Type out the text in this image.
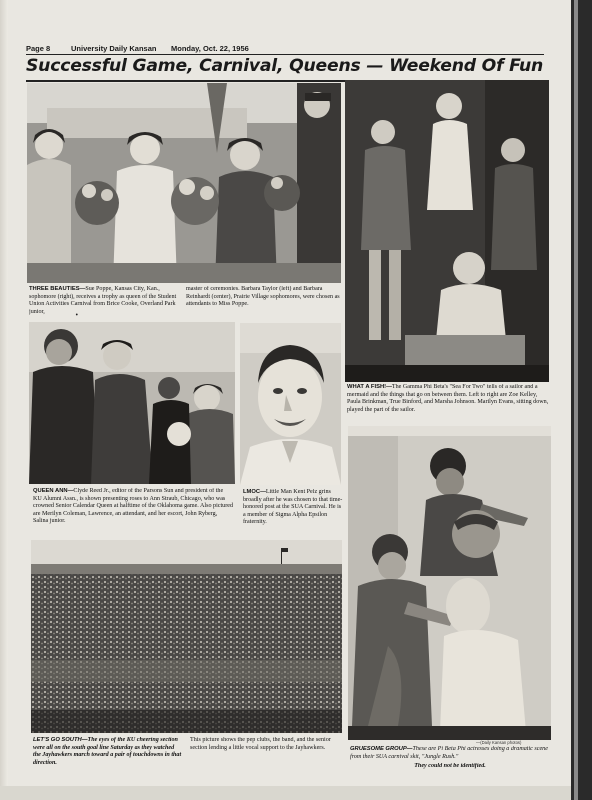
Page 8	University Daily Kansan Monday, Oct. 22, 1956
Successful Game, Carnival, Queens — Weekend Of Fun
THREE BEAUTIES—Sue Poppe, Kansas City, Kan., sophomore (right), receives a trophy as queen of the Student Union Activities Carnival from Brice Cooke, Overland Park junior,
master of ceremonies. Barbara Taylor (left) and Barbara Reinhardt (center), Prairie Village sophomores, were chosen as attendants to Miss Poppe.
•
WHAT A FISH!—The Gamma Phi Beta's "Sea For Two" tells of a sailor and a mermaid and the things that go on between them. Left to right are Zoe Kelley, Paula Brinkman, True Binford, and Marsha Johnson. Marilyn Evans, sitting down, played the part of the sailor.
QUEEN ANN—Clyde Reed Jr., editor of the Parsons Sun and president of the KU Alumni Assn., is shown presenting roses to Ann Straub, Chicago, who was crowned Senior Calendar Queen at halftime of the Oklahoma game. Also pictured are Merilyn Coleman, Lawrence, an attendant, and her escort, John Ryberg, Salina junior.
LMOC—Little Man Kent Pelz grins broadly after he was chosen to that time-honored post at the SUA Carnival. He is a member of Sigma Alpha Epsilon fraternity.
LET'S GO SOUTH—The eyes of the KU cheering section were all on the south goal line Saturday as they watched the Jayhawkers march toward a pair of touchdowns in that direction.
This picture shows the pep clubs, the band, and the senior section lending a little vocal support to the Jayhawkers.
—(Daily Kansan photos)
GRUESOME GROUP—These are Pi Beta Phi actresses doing a dramatic scene from their SUA carnival skit, "Jungle Rush."
They could not be identified.
